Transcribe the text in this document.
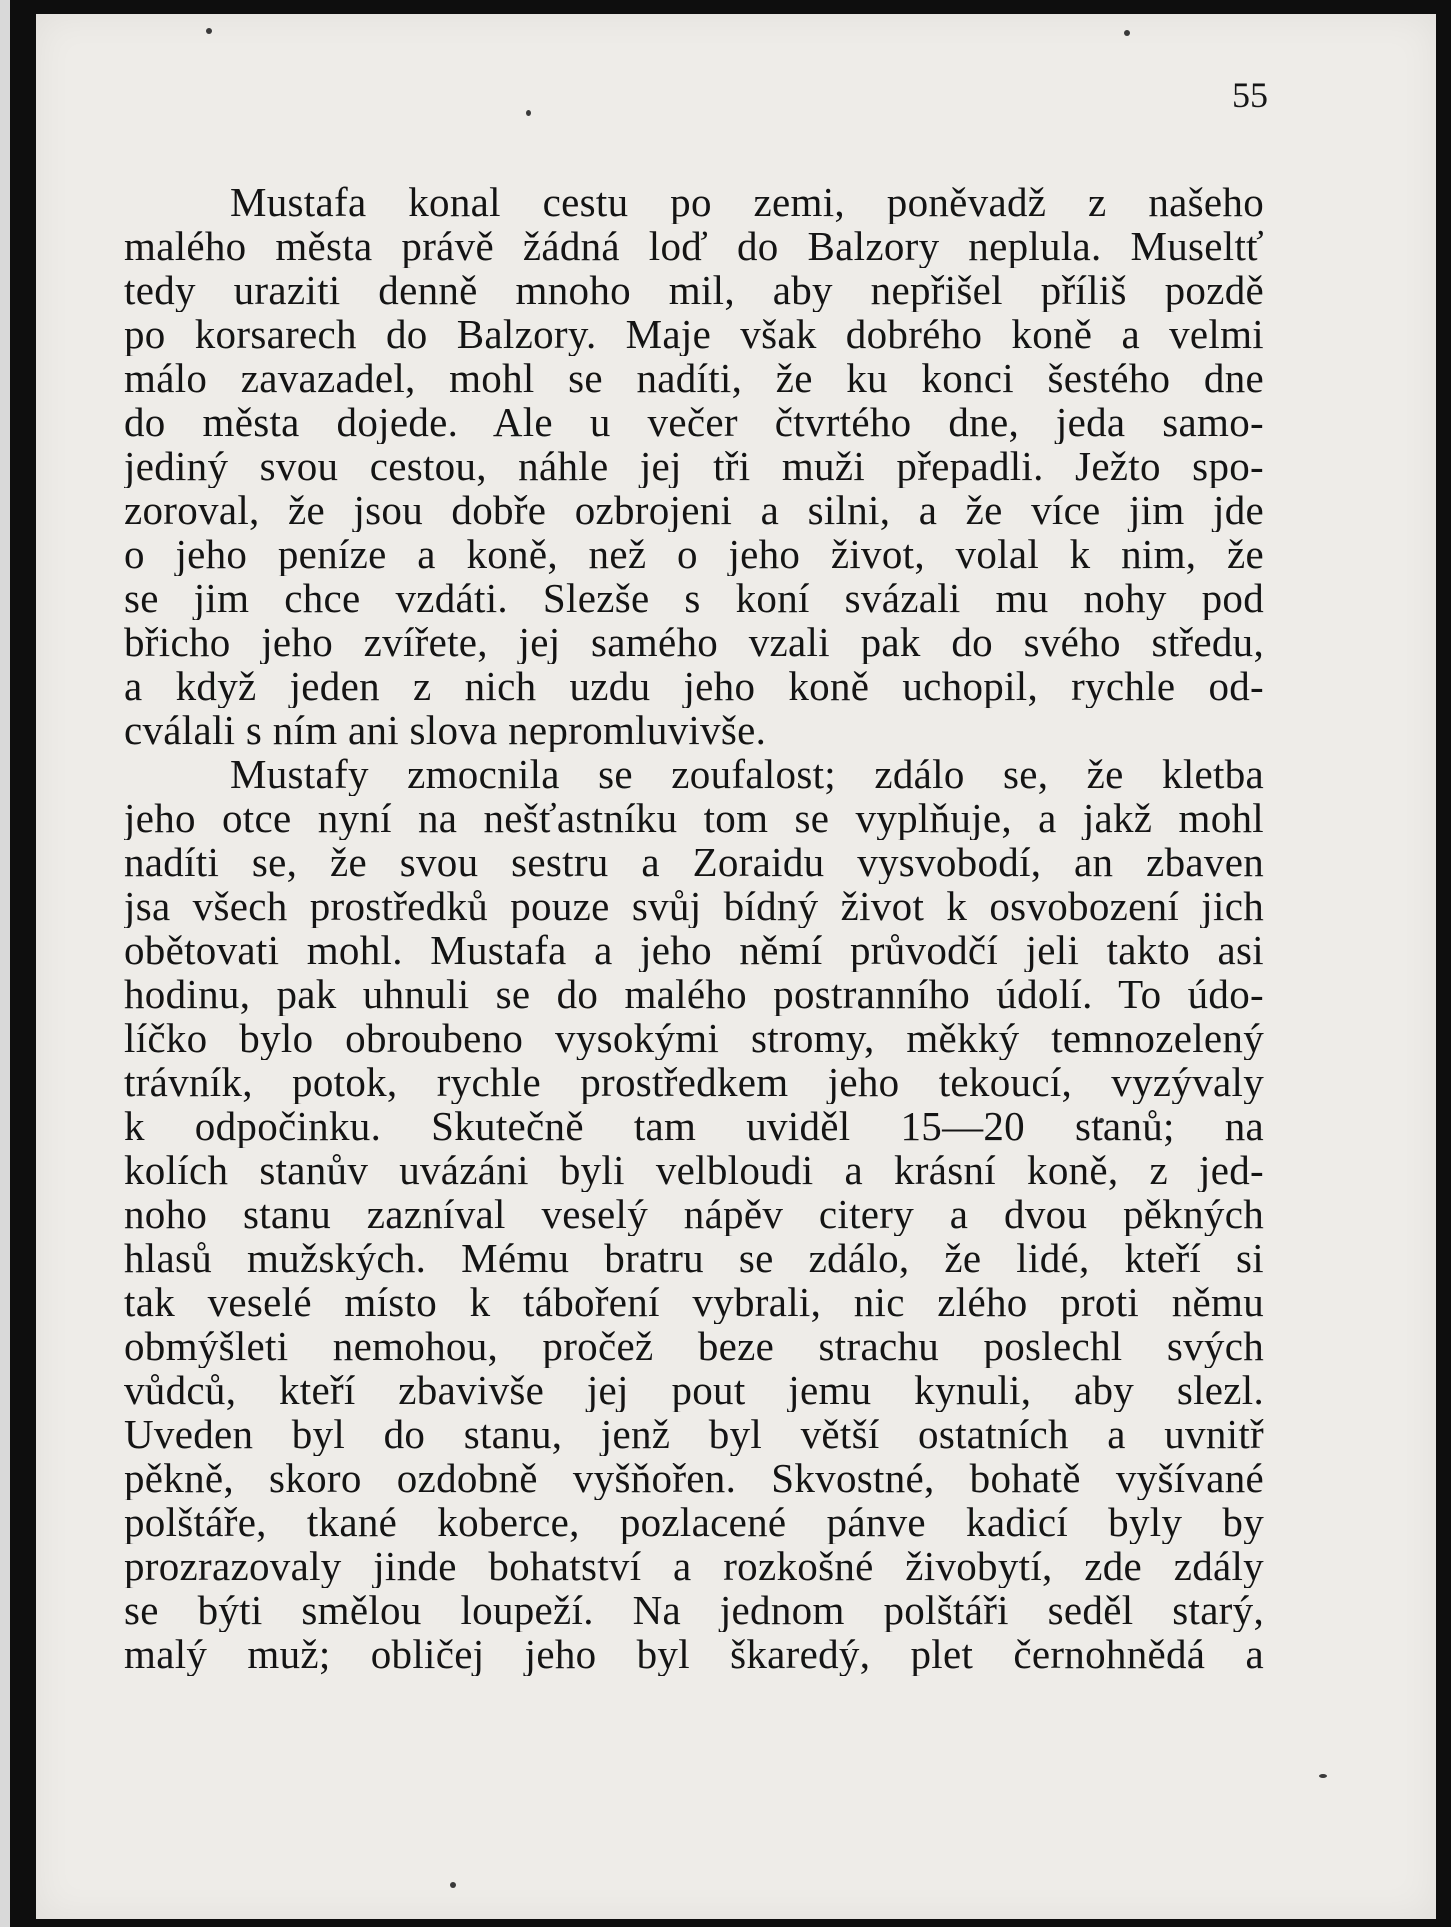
55
Mustafa konal cestu po zemi, poněvadž z našeho
malého města právě žádná loď do Balzory neplula. Museltť
tedy uraziti denně mnoho mil, aby nepřišel příliš pozdě
po korsarech do Balzory. Maje však dobrého koně a velmi
málo zavazadel, mohl se nadíti, že ku konci šestého dne
do města dojede. Ale u večer čtvrtého dne, jeda samo-
jediný svou cestou, náhle jej tři muži přepadli. Ježto spo-
zoroval, že jsou dobře ozbrojeni a silni, a že více jim jde
o jeho peníze a koně, než o jeho život, volal k nim, že
se jim chce vzdáti. Slezše s koní svázali mu nohy pod
břicho jeho zvířete, jej samého vzali pak do svého středu,
a když jeden z nich uzdu jeho koně uchopil, rychle od-
cválali s ním ani slova nepromluvivše.
Mustafy zmocnila se zoufalost; zdálo se, že kletba
jeho otce nyní na nešťastníku tom se vyplňuje, a jakž mohl
nadíti se, že svou sestru a Zoraidu vysvobodí, an zbaven
jsa všech prostředků pouze svůj bídný život k osvobození jich
obětovati mohl. Mustafa a jeho němí průvodčí jeli takto asi
hodinu, pak uhnuli se do malého postranního údolí. To údo-
líčko bylo obroubeno vysokými stromy, měkký temnozelený
trávník, potok, rychle prostředkem jeho tekoucí, vyzývaly
k odpočinku. Skutečně tam uviděl 15—20 stanů; na
kolích stanův uvázáni byli velbloudi a krásní koně, z jed-
noho stanu zazníval veselý nápěv citery a dvou pěkných
hlasů mužských. Mému bratru se zdálo, že lidé, kteří si
tak veselé místo k táboření vybrali, nic zlého proti němu
obmýšleti nemohou, pročež beze strachu poslechl svých
vůdců, kteří zbavivše jej pout jemu kynuli, aby slezl.
Uveden byl do stanu, jenž byl větší ostatních a uvnitř
pěkně, skoro ozdobně vyšňořen. Skvostné, bohatě vyšívané
polštáře, tkané koberce, pozlacené pánve kadicí byly by
prozrazovaly jinde bohatství a rozkošné živobytí, zde zdály
se býti smělou loupeží. Na jednom polštáři seděl starý,
malý muž; obličej jeho byl škaredý, plet černohnědá a
